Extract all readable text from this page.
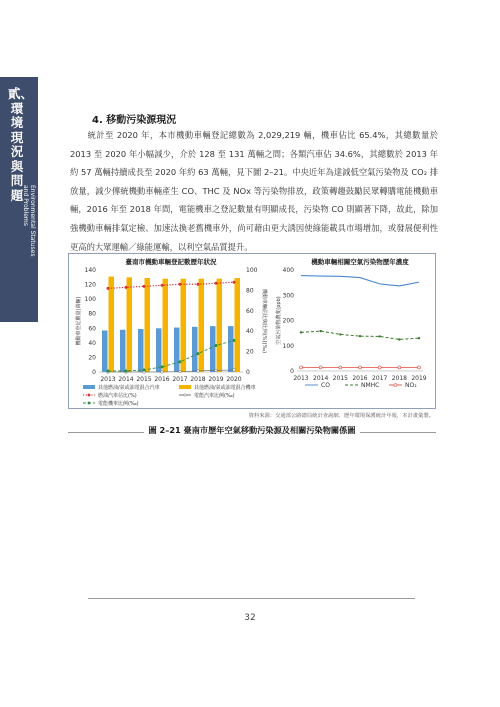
貳、環境現況與問題 Environmental Statuses
and Problems
4. 移動污染源現況

統計至 2020 年，本市機動車輛登記總數為 2,029,219 輛，機車佔比 65.4%，其總數量於 2013 至 2020 年小幅減少，介於 128 至 131 萬輛之間；各類汽車佔 34.6%，其總數於 2013 年約 57 萬輛持續成長至 2020 年約 63 萬輛，見下圖 2–21。中央近年為達減低空氣污染物及 CO₂ 排放量，減少傳統機動車輛產生 CO、THC 及 NOx 等污染物排放，政策轉趨鼓勵民眾轉購電能機動車輛，2016 年至 2018 年間，電能機車之登記數量有明顯成長，污染物 CO 則顯著下降，故此，除加強機動車輛排氣定檢、加速汰換老舊機車外，尚可藉由更大誘因使綠能載具市場增加，或發展便利性更高的大眾運輸／綠能運輸，以利空氣品質提升。

臺南市機動車輛登記數歷年狀況
0
20
40
60
80
100
120
140
0
20
40
60
80
100
機動車登記數量(萬輛)	機動車輛佔比與比例(%)(‰)
2013 2014 2015 2016 2017 2018 2019 2020
其他燃油/氣或油電混合汽車	其他燃油/氣或油電混合機車
燃油汽車佔比(%)	電能汽車比例(‰)
電能機車比例(‰)
機動車輛相關空氣污染物歷年濃度
0
100
200
300
400
空氣污染物濃度(ppb)
2013 2014 2015 2016 2017 2018 2019
CO	NMHC	NO₂
資料來源：交通部公路總局統計查詢網、歷年環境保護統計年報，本計畫彙製。
圖 2–21 臺南市歷年空氣移動污染源及相關污染物關係圖
32
